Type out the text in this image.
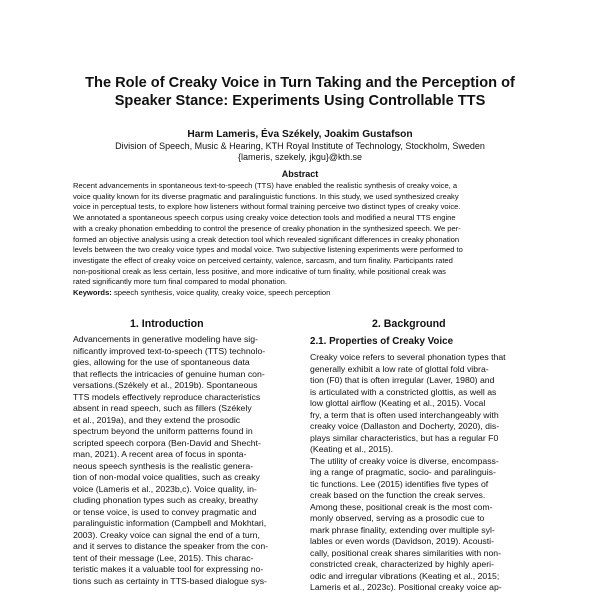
The Role of Creaky Voice in Turn Taking and the Perception of
Speaker Stance: Experiments Using Controllable TTS
Harm Lameris, Éva Székely, Joakim Gustafson
Division of Speech, Music & Hearing, KTH Royal Institute of Technology, Stockholm, Sweden
{lameris, szekely, jkgu}@kth.se
Abstract
Recent advancements in spontaneous text-to-speech (TTS) have enabled the realistic synthesis of creaky voice, a
voice quality known for its diverse pragmatic and paralinguistic functions. In this study, we used synthesized creaky
voice in perceptual tests, to explore how listeners without formal training perceive two distinct types of creaky voice.
We annotated a spontaneous speech corpus using creaky voice detection tools and modified a neural TTS engine
with a creaky phonation embedding to control the presence of creaky phonation in the synthesized speech. We per-
formed an objective analysis using a creak detection tool which revealed significant differences in creaky phonation
levels between the two creaky voice types and modal voice. Two subjective listening experiments were performed to
investigate the effect of creaky voice on perceived certainty, valence, sarcasm, and turn finality. Participants rated
non-positional creak as less certain, less positive, and more indicative of turn finality, while positional creak was
rated significantly more turn final compared to modal phonation.
Keywords: speech synthesis, voice quality, creaky voice, speech perception
1. Introduction
Advancements in generative modeling have sig-
nificantly improved text-to-speech (TTS) technolo-
gies, allowing for the use of spontaneous data
that reflects the intricacies of genuine human con-
versations.(Székely et al., 2019b). Spontaneous
TTS models effectively reproduce characteristics
absent in read speech, such as fillers (Székely
et al., 2019a), and they extend the prosodic
spectrum beyond the uniform patterns found in
scripted speech corpora (Ben-David and Shecht-
man, 2021). A recent area of focus in sponta-
neous speech synthesis is the realistic genera-
tion of non-modal voice qualities, such as creaky
voice (Lameris et al., 2023b,c). Voice quality, in-
cluding phonation types such as creaky, breathy
or tense voice, is used to convey pragmatic and
paralinguistic information (Campbell and Mokhtari,
2003). Creaky voice can signal the end of a turn,
and it serves to distance the speaker from the con-
tent of their message (Lee, 2015). This charac-
teristic makes it a valuable tool for expressing no-
tions such as certainty in TTS-based dialogue sys-
2. Background
2.1. Properties of Creaky Voice
Creaky voice refers to several phonation types that
generally exhibit a low rate of glottal fold vibra-
tion (F0) that is often irregular (Laver, 1980) and
is articulated with a constricted glottis, as well as
low glottal airflow (Keating et al., 2015). Vocal
fry, a term that is often used interchangeably with
creaky voice (Dallaston and Docherty, 2020), dis-
plays similar characteristics, but has a regular F0
(Keating et al., 2015).
The utility of creaky voice is diverse, encompass-
ing a range of pragmatic, socio- and paralinguis-
tic functions. Lee (2015) identifies five types of
creak based on the function the creak serves.
Among these, positional creak is the most com-
monly observed, serving as a prosodic cue to
mark phrase finality, extending over multiple syl-
lables or even words (Davidson, 2019). Acousti-
cally, positional creak shares similarities with non-
constricted creak, characterized by highly aperi-
odic and irregular vibrations (Keating et al., 2015;
Lameris et al., 2023c). Positional creaky voice ap-
